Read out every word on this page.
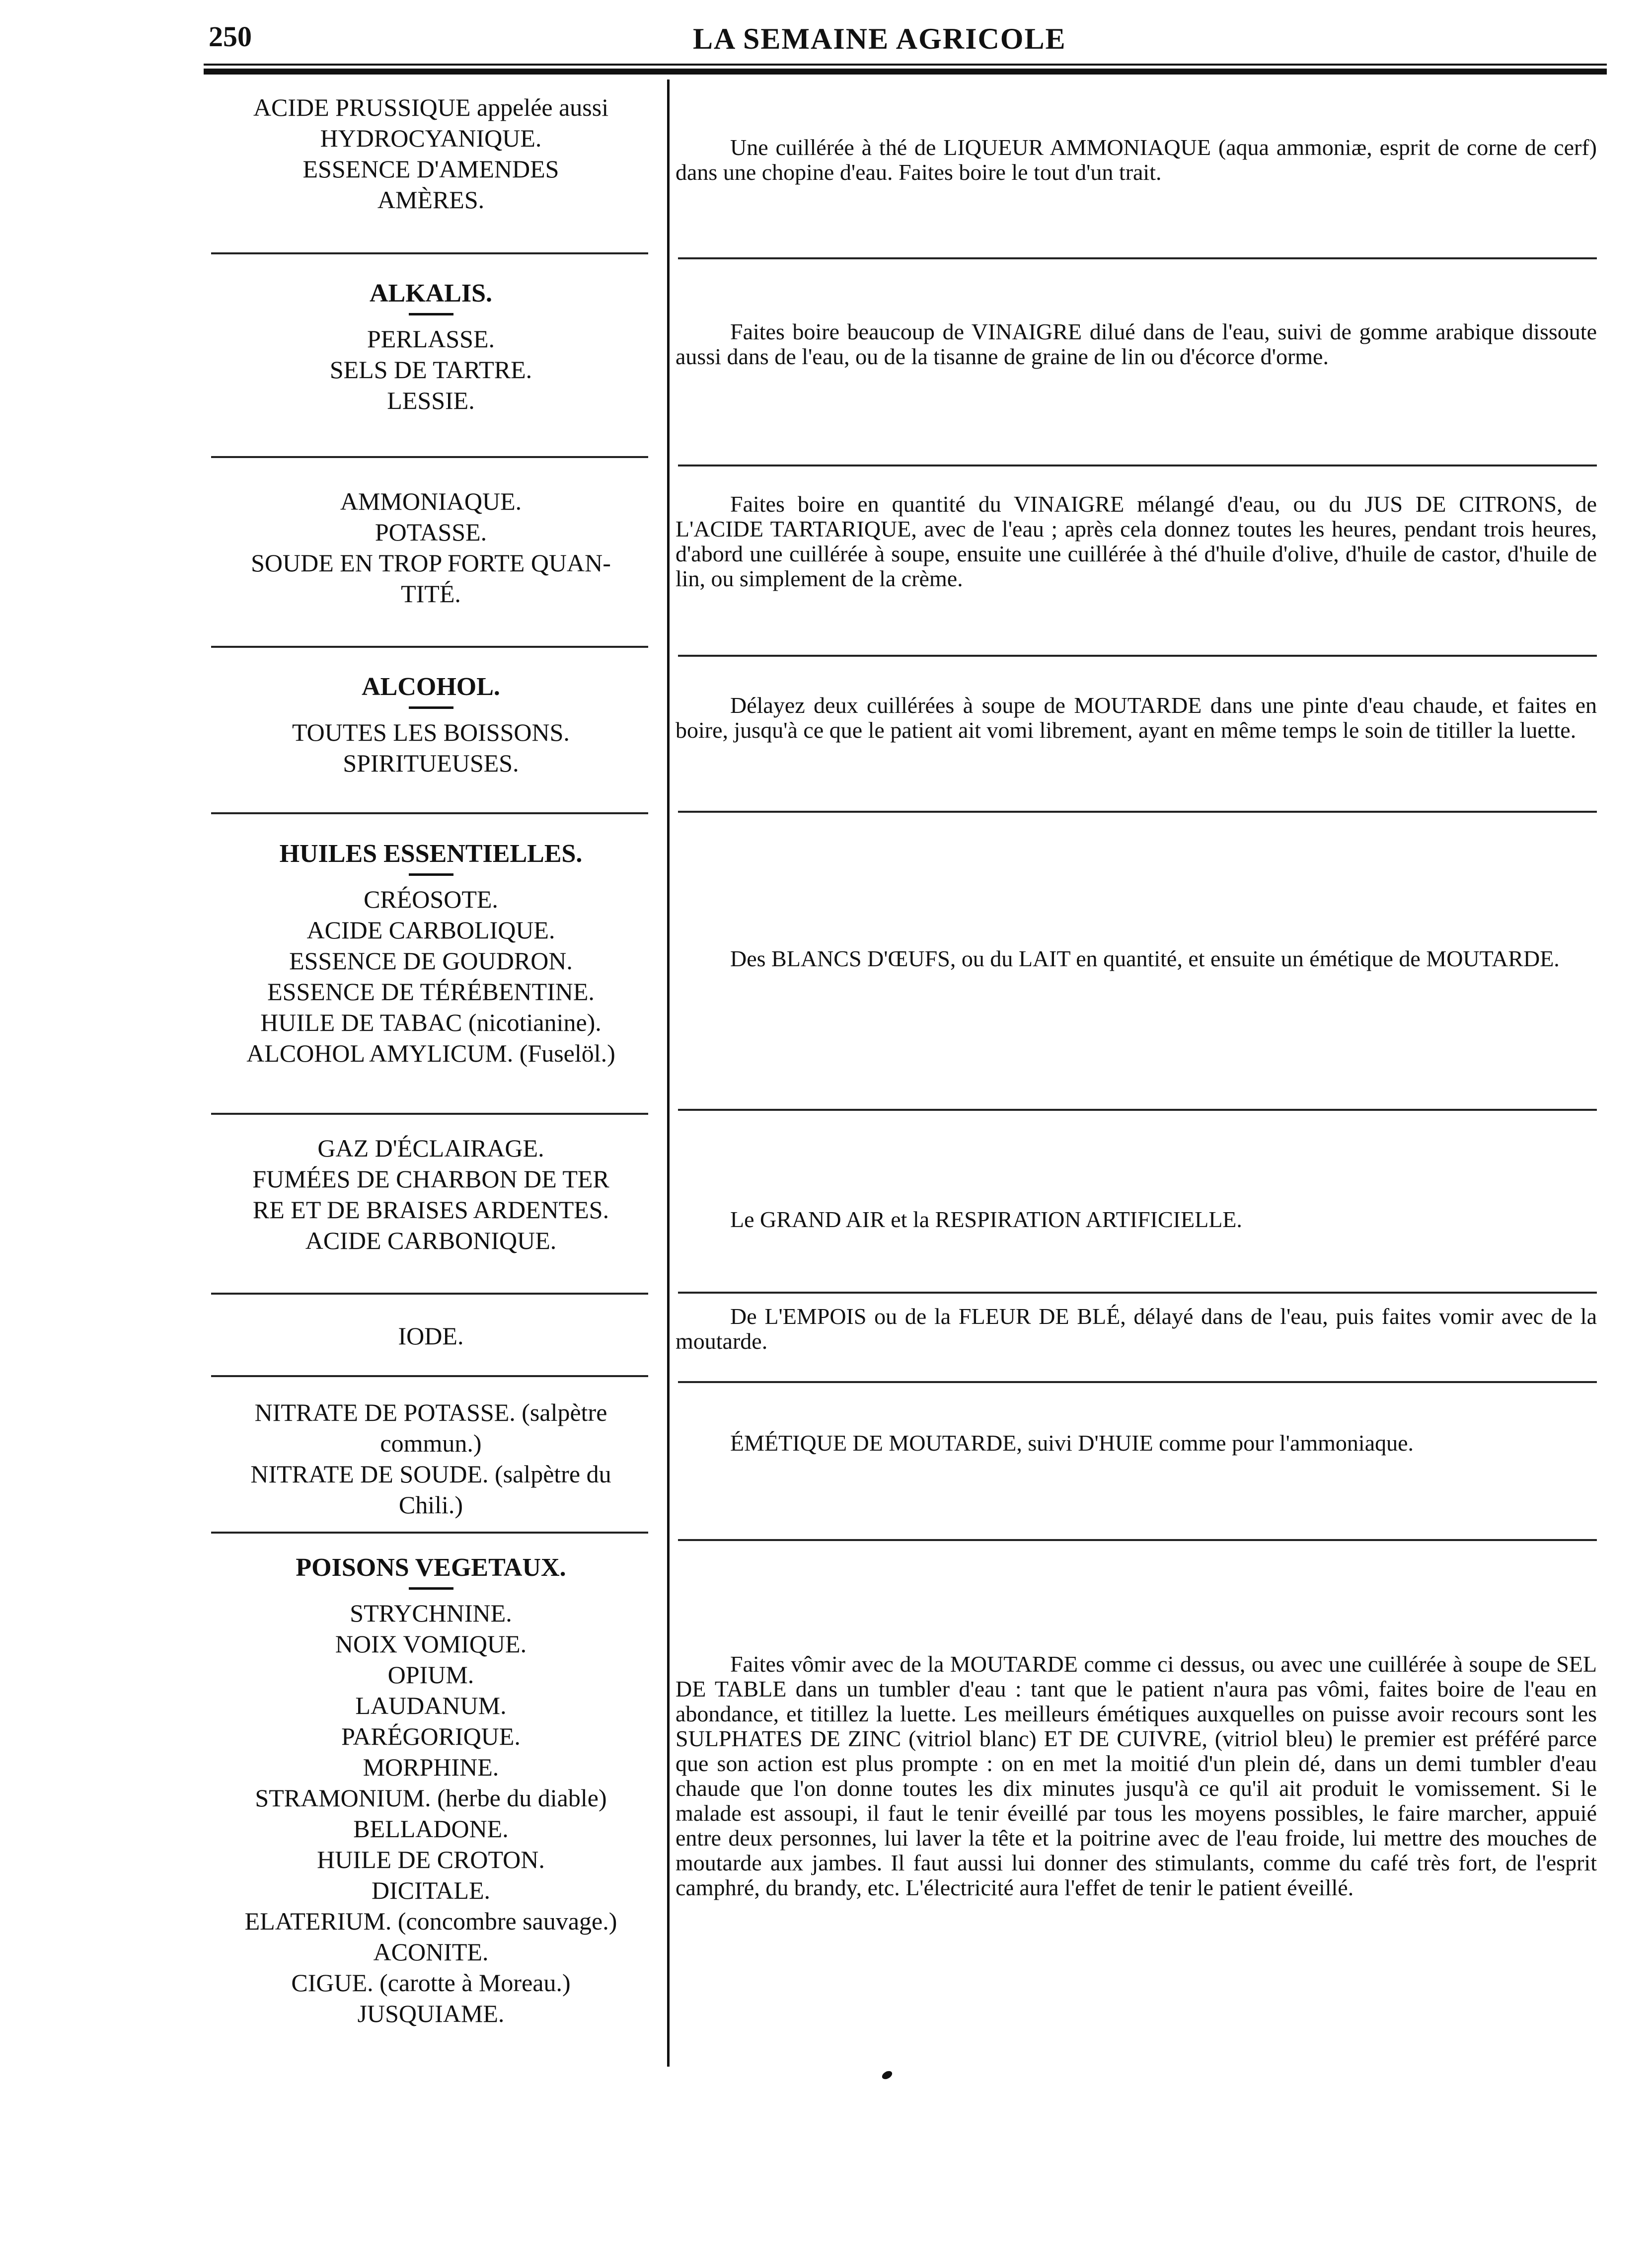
250	LA SEMAINE AGRICOLE
ACIDE PRUSSIQUE appelée aussi
HYDROCYANIQUE.
ESSENCE D'AMENDES
AMÈRES.

Une cuillérée à thé de LIQUEUR AMMONIAQUE (aqua ammoniæ, esprit de corne de cerf) dans une chopine d'eau. Faites boire le tout d'un trait.

ALKALIS.
PERLASSE.
SELS DE TARTRE.
LESSIE.

Faites boire beaucoup de VINAIGRE dilué dans de l'eau, suivi de gomme arabique dissoute aussi dans de l'eau, ou de la tisanne de graine de lin ou d'écorce d'orme.

AMMONIAQUE.
POTASSE.
SOUDE EN TROP FORTE QUAN-
TITÉ.

Faites boire en quantité du VINAIGRE mélangé d'eau, ou du JUS DE CITRONS, de L'ACIDE TARTARIQUE, avec de l'eau ; après cela donnez toutes les heures, pendant trois heures, d'abord une cuillérée à soupe, ensuite une cuillérée à thé d'huile d'olive, d'huile de castor, d'huile de lin, ou simplement de la crème.

ALCOHOL.
TOUTES LES BOISSONS.
SPIRITUEUSES.

Délayez deux cuillérées à soupe de MOUTARDE dans une pinte d'eau chaude, et faites en boire, jusqu'à ce que le patient ait vomi librement, ayant en même temps le soin de titiller la luette.

HUILES ESSENTIELLES.
CRÉOSOTE.
ACIDE CARBOLIQUE.
ESSENCE DE GOUDRON.
ESSENCE DE TÉRÉBENTINE.
HUILE DE TABAC (nicotianine).
ALCOHOL AMYLICUM. (Fuselöl.)

Des BLANCS D'ŒUFS, ou du LAIT en quantité, et ensuite un émétique de MOUTARDE.

GAZ D'ÉCLAIRAGE.
FUMÉES DE CHARBON DE TER
RE ET DE BRAISES ARDENTES.
ACIDE CARBONIQUE.

Le GRAND AIR et la RESPIRATION ARTIFICIELLE.

IODE.

De L'EMPOIS ou de la FLEUR DE BLÉ, délayé dans de l'eau, puis faites vomir avec de la moutarde.

NITRATE DE POTASSE. (salpètre
commun.)
NITRATE DE SOUDE. (salpètre du
Chili.)

ÉMÉTIQUE DE MOUTARDE, suivi D'HUIE comme pour l'ammoniaque.

POISONS VEGETAUX.
STRYCHNINE.
NOIX VOMIQUE.
OPIUM.
LAUDANUM.
PARÉGORIQUE.
MORPHINE.
STRAMONIUM. (herbe du diable)
BELLADONE.
HUILE DE CROTON.
DICITALE.
ELATERIUM. (concombre sauvage.)
ACONITE.
CIGUE. (carotte à Moreau.)
JUSQUIAME.

Faites vômir avec de la MOUTARDE comme ci dessus, ou avec une cuillérée à soupe de SEL DE TABLE dans un tumbler d'eau : tant que le patient n'aura pas vômi, faites boire de l'eau en abondance, et titillez la luette. Les meilleurs émétiques auxquelles on puisse avoir recours sont les SULPHATES DE ZINC (vitriol blanc) ET DE CUIVRE, (vitriol bleu) le premier est préféré parce que son action est plus prompte : on en met la moitié d'un plein dé, dans un demi tumbler d'eau chaude que l'on donne toutes les dix minutes jusqu'à ce qu'il ait produit le vomissement. Si le malade est assoupi, il faut le tenir éveillé par tous les moyens possibles, le faire marcher, appuié entre deux personnes, lui laver la tête et la poitrine avec de l'eau froide, lui mettre des mouches de moutarde aux jambes. Il faut aussi lui donner des stimulants, comme du café très fort, de l'esprit camphré, du brandy, etc. L'électricité aura l'effet de tenir le patient éveillé.
